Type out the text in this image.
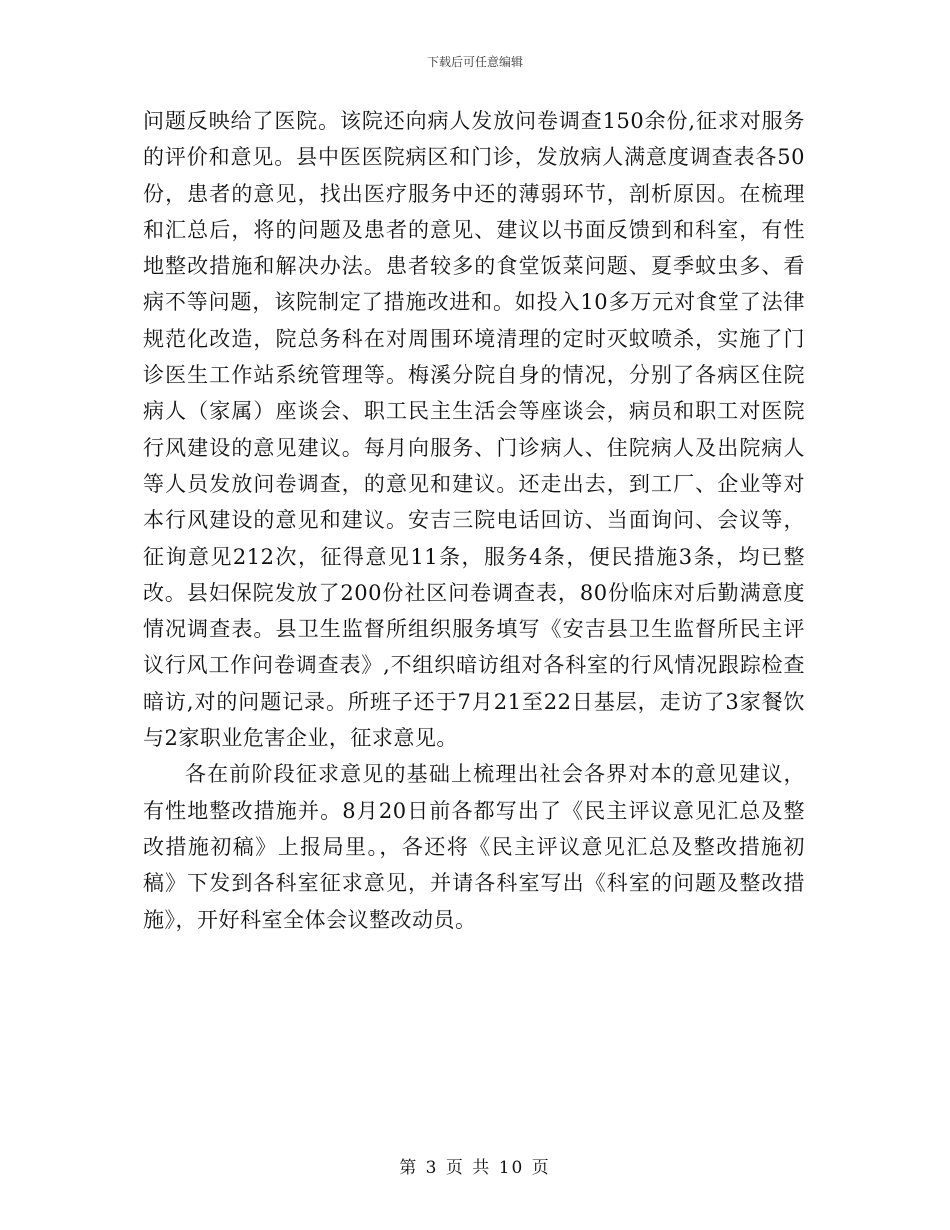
下载后可任意编辑

问题反映给了医院。该院还向病人发放问卷调查150余份,征求对服务的评价和意见。县中医医院病区和门诊，发放病人满意度调查表各50份，患者的意见，找出医疗服务中还的薄弱环节，剖析原因。在梳理和汇总后，将的问题及患者的意见、建议以书面反馈到和科室，有性地整改措施和解决办法。患者较多的食堂饭菜问题、夏季蚊虫多、看病不等问题，该院制定了措施改进和。如投入10多万元对食堂了法律规范化改造，院总务科在对周围环境清理的定时灭蚊喷杀，实施了门诊医生工作站系统管理等。梅溪分院自身的情况，分别了各病区住院病人（家属）座谈会、职工民主生活会等座谈会，病员和职工对医院行风建设的意见建议。每月向服务、门诊病人、住院病人及出院病人等人员发放问卷调查，的意见和建议。还走出去，到工厂、企业等对本行风建设的意见和建议。安吉三院电话回访、当面询问、会议等，征询意见212次，征得意见11条，服务4条，便民措施3条，均已整改。县妇保院发放了200份社区问卷调查表，80份临床对后勤满意度情况调查表。县卫生监督所组织服务填写《安吉县卫生监督所民主评议行风工作问卷调查表》,不组织暗访组对各科室的行风情况跟踪检查暗访,对的问题记录。所班子还于7月21至22日基层，走访了3家餐饮与2家职业危害企业，征求意见。

各在前阶段征求意见的基础上梳理出社会各界对本的意见建议，有性地整改措施并。8月20日前各都写出了《民主评议意见汇总及整改措施初稿》上报局里。，各还将《民主评议意见汇总及整改措施初稿》下发到各科室征求意见，并请各科室写出《科室的问题及整改措施》，开好科室全体会议整改动员。

第 3 页 共 10 页
